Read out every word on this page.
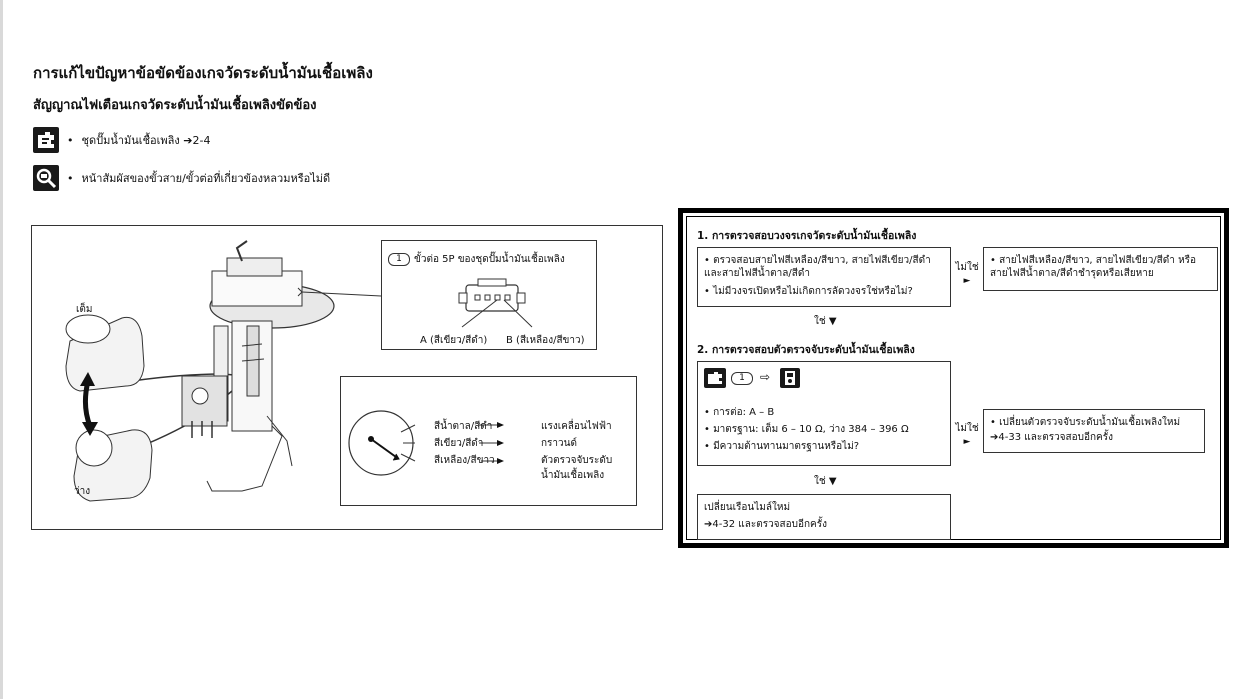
การแก้ไขปัญหาข้อขัดข้องเกจวัดระดับน้ำมันเชื้อเพลิง
สัญญาณไฟเตือนเกจวัดระดับน้ำมันเชื้อเพลิงขัดข้อง
• ชุดปั๊มน้ำมันเชื้อเพลิง ➔2-4
• หน้าสัมผัสของขั้วสาย/ขั้วต่อที่เกี่ยวข้องหลวมหรือไม่ดี
เต็ม
ว่าง
1 ขั้วต่อ 5P ของชุดปั๊มน้ำมันเชื้อเพลิง
A (สีเขียว/สีดำ) B (สีเหลือง/สีขาว)
สีน้ำตาล/สีดำ	แรงเคลื่อนไฟฟ้า
สีเขียว/สีดำ	กราวนด์
สีเหลือง/สีขาว	ตัวตรวจจับระดับ
น้ำมันเชื้อเพลิง
1. การตรวจสอบวงจรเกจวัดระดับน้ำมันเชื้อเพลิง
• ตรวจสอบสายไฟสีเหลือง/สีขาว, สายไฟสีเขียว/สีดำ
และสายไฟสีน้ำตาล/สีดำ
• ไม่มีวงจรเปิดหรือไม่เกิดการลัดวงจรใช่หรือไม่?
ไม่ใช่
►
• สายไฟสีเหลือง/สีขาว, สายไฟสีเขียว/สีดำ หรือ
สายไฟสีน้ำตาล/สีดำชำรุดหรือเสียหาย
ใช่ ▼
2. การตรวจสอบตัวตรวจจับระดับน้ำมันเชื้อเพลิง
1	⇨
• การต่อ: A – B
• มาตรฐาน: เต็ม 6 – 10 Ω, ว่าง 384 – 396 Ω
• มีความต้านทานมาตรฐานหรือไม่?
ไม่ใช่
►
• เปลี่ยนตัวตรวจจับระดับน้ำมันเชื้อเพลิงใหม่
➔4-33 และตรวจสอบอีกครั้ง
ใช่ ▼
เปลี่ยนเรือนไมล์ใหม่
➔4-32 และตรวจสอบอีกครั้ง
